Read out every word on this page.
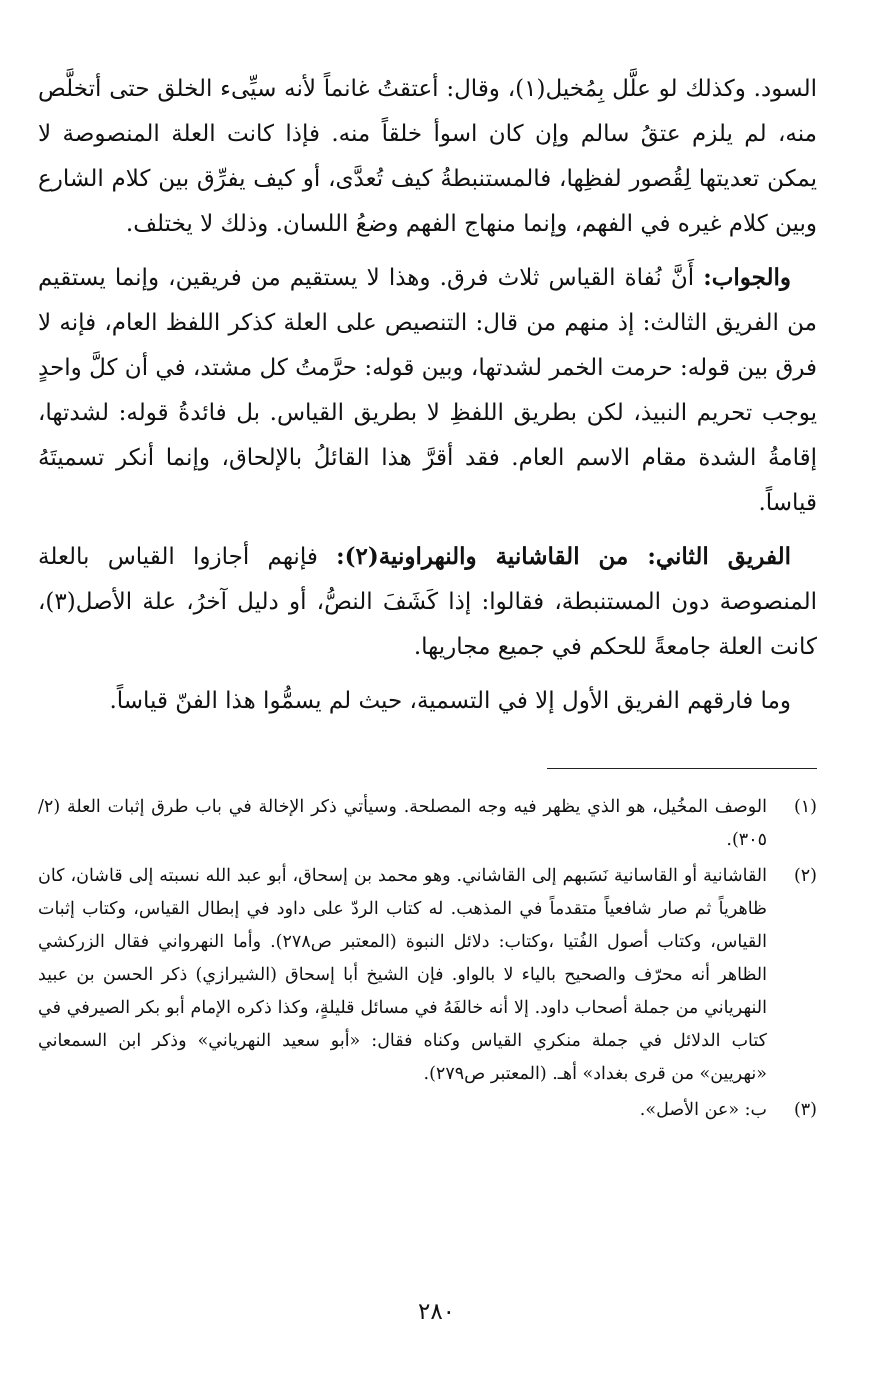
السود. وكذلك لو علَّل بِمُخيل(١)، وقال: أعتقتُ غانماً لأنه سيِّىء الخلق حتى أتخلَّص منه، لم يلزم عتقُ سالم وإن كان اسوأ خلقاً منه. فإذا كانت العلة المنصوصة لا يمكن تعديتها لِقُصور لفظِها، فالمستنبطةُ كيف تُعدَّى، أو كيف يفرِّق بين كلام الشارع وبين كلام غيره في الفهم، وإنما منهاج الفهم وضعُ اللسان. وذلك لا يختلف.

والجواب: أَنَّ نُفاة القياس ثلاث فرق. وهذا لا يستقيم من فريقين، وإنما يستقيم من الفريق الثالث: إذ منهم من قال: التنصيص على العلة كذكر اللفظ العام، فإنه لا فرق بين قوله: حرمت الخمر لشدتها، وبين قوله: حرَّمتُ كل مشتد، في أن كلَّ واحدٍ يوجب تحريم النبيذ، لكن بطريق اللفظِ لا بطريق القياس. بل فائدةُ قوله: لشدتها، إقامةُ الشدة مقام الاسم العام. فقد أقرَّ هذا القائلُ بالإلحاق، وإنما أنكر تسميتَهُ قياساً.

الفريق الثاني: من القاشانية والنهراونية(٢): فإنهم أجازوا القياس بالعلة المنصوصة دون المستنبطة، فقالوا: إذا كَشَفَ النصُّ، أو دليل آخرُ، علة الأصل(٣)، كانت العلة جامعةً للحكم في جميع مجاريها.

وما فارقهم الفريق الأول إلا في التسمية، حيث لم يسمُّوا هذا الفنّ قياساً.

(١)
الوصف المخُيل، هو الذي يظهر فيه وجه المصلحة. وسيأتي ذكر الإخالة في باب طرق إثبات العلة (٢/ ٣٠٥).
(٢)
القاشانية أو القاسانية نَسَبهم إلى القاشاني. وهو محمد بن إسحاق، أبو عبد الله نسبته إلى قاشان، كان ظاهرياً ثم صار شافعياً متقدماً في المذهب. له كتاب الردّ على داود في إبطال القياس، وكتاب إثبات القياس، وكتاب أصول الفُتيا ،وكتاب: دلائل النبوة (المعتبر ص٢٧٨). وأما النهرواني فقال الزركشي الظاهر أنه محرّف والصحيح بالياء لا بالواو. فإن الشيخ أبا إسحاق (الشيرازي) ذكر الحسن بن عبيد النهرياني من جملة أصحاب داود. إلا أنه خالفَهُ في مسائل قليلةٍ، وكذا ذكره الإمام أبو بكر الصيرفي في كتاب الدلائل في جملة منكري القياس وكناه فقال: «أبو سعيد النهرياني» وذكر ابن السمعاني «نهريين» من قرى بغداد» أهـ. (المعتبر ص٢٧٩).
(٣)
ب: «عن الأصل».
٢٨٠
